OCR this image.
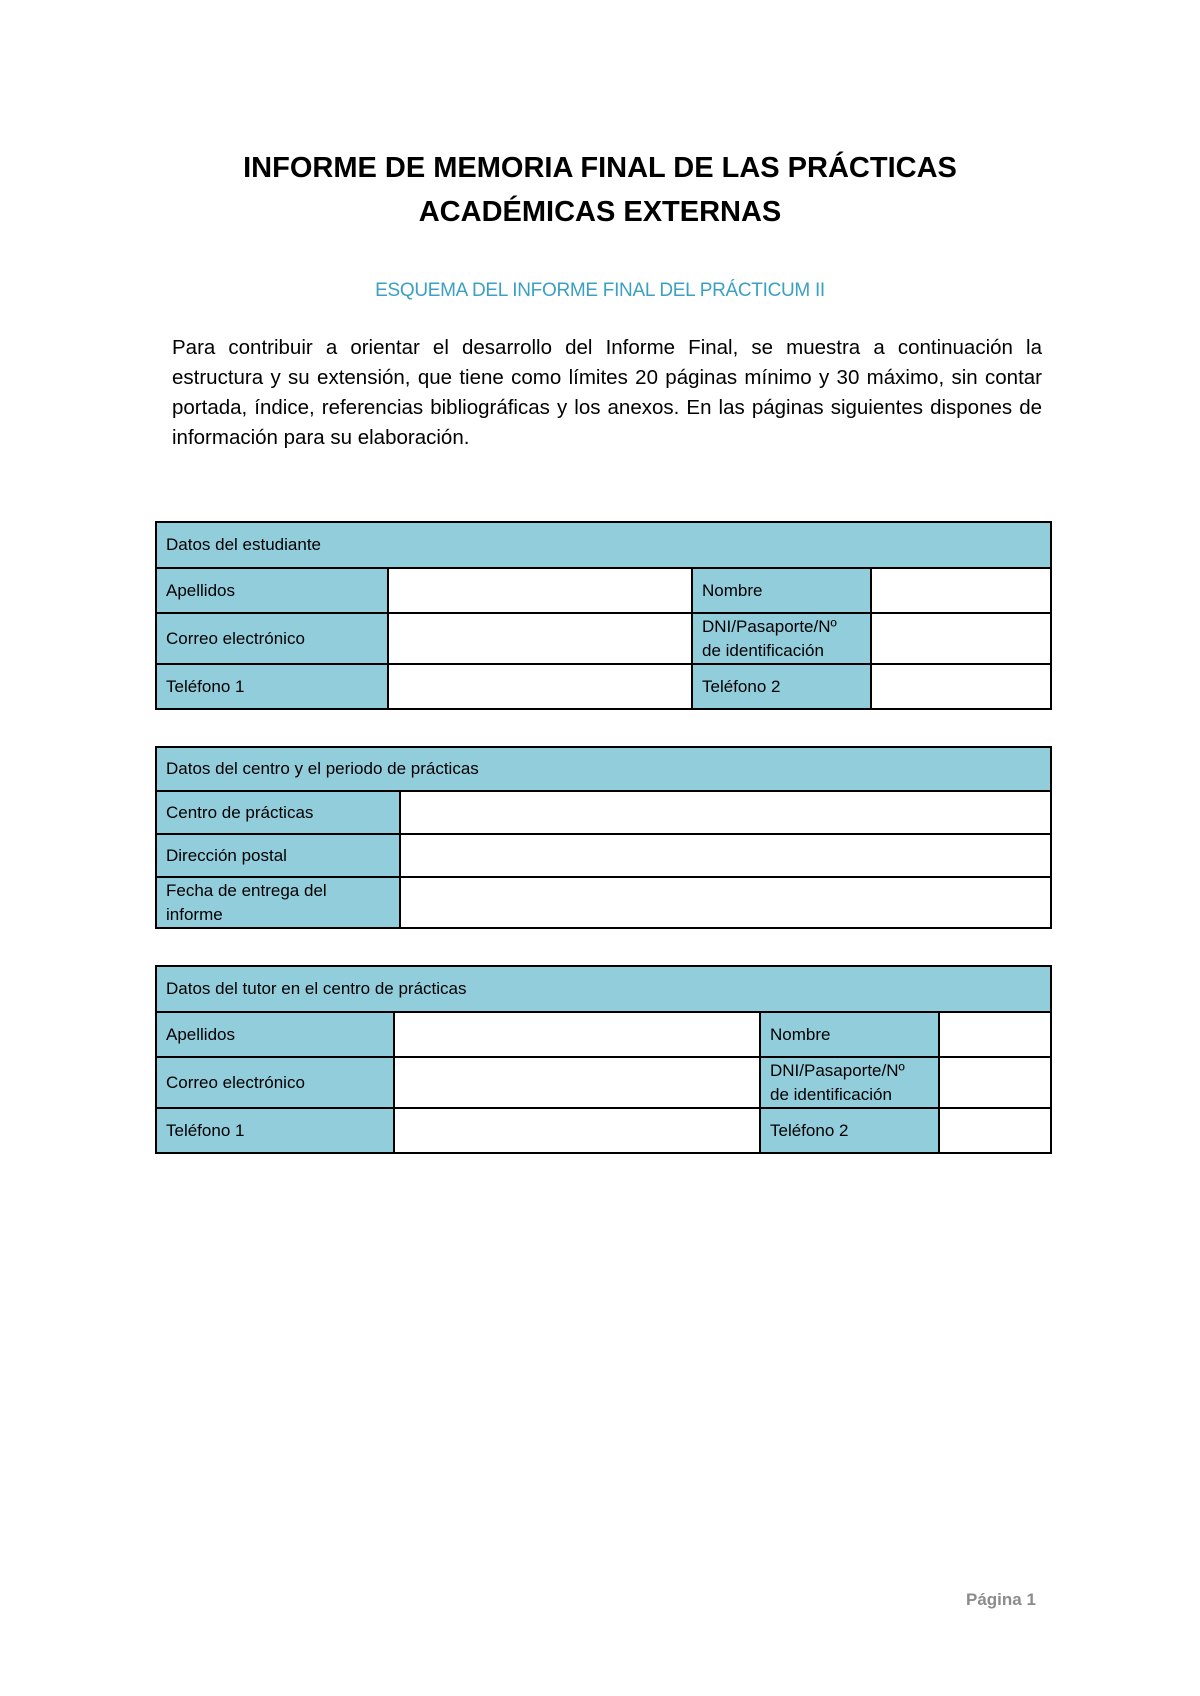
INFORME DE MEMORIA FINAL DE LAS PRÁCTICAS
ACADÉMICAS EXTERNAS
ESQUEMA DEL INFORME FINAL DEL PRÁCTICUM II
Para contribuir a orientar el desarrollo del Informe Final, se muestra a continuación la estructura y su extensión, que tiene como límites 20 páginas mínimo y 30 máximo, sin contar portada, índice, referencias bibliográficas y los anexos. En las páginas siguientes dispones de información para su elaboración.
Datos del estudiante			
Apellidos		Nombre	
Correo electrónico		DNI/Pasaporte/Nº
de identificación	

Teléfono 1		Teléfono 2	
Datos del centro y el periodo de prácticas	
Centro de prácticas	
Dirección postal	

Fecha de entrega del
informe	

Datos del tutor en el centro de prácticas			
Apellidos		Nombre	
Correo electrónico		DNI/Pasaporte/Nº
de identificación	

Teléfono 1		Teléfono 2	
Página 1
